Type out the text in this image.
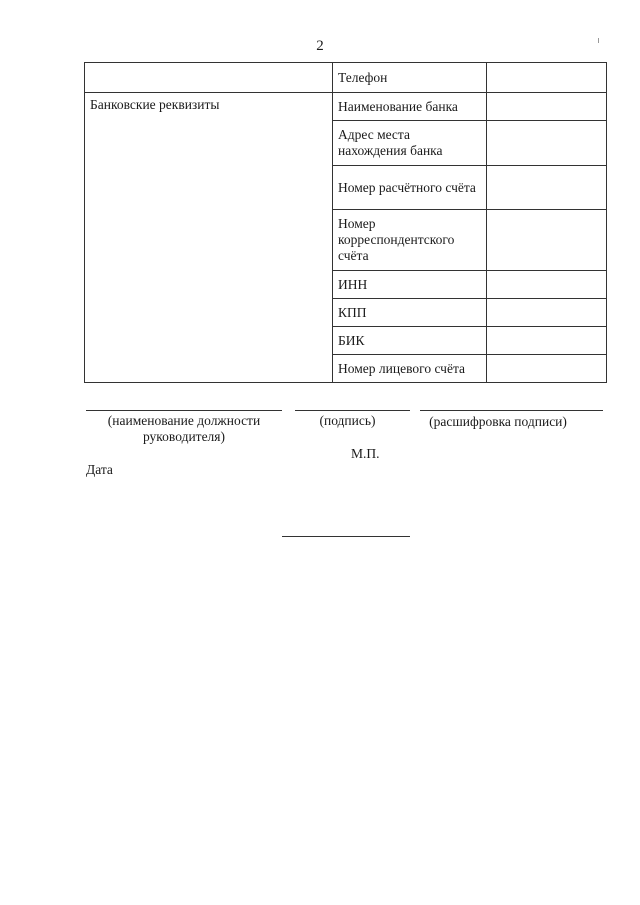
2
	Телефон	
Банковские реквизиты	Наименование банка	
	Адрес места нахождения банка	
	Номер расчётного счёта	
	Номер корреспондентского счёта	
	ИНН	
	КПП	
	БИК	
	Номер лицевого счёта	
(наименование должности
руководителя)
(подпись)	(расшифровка подписи)
М.П.
Дата
